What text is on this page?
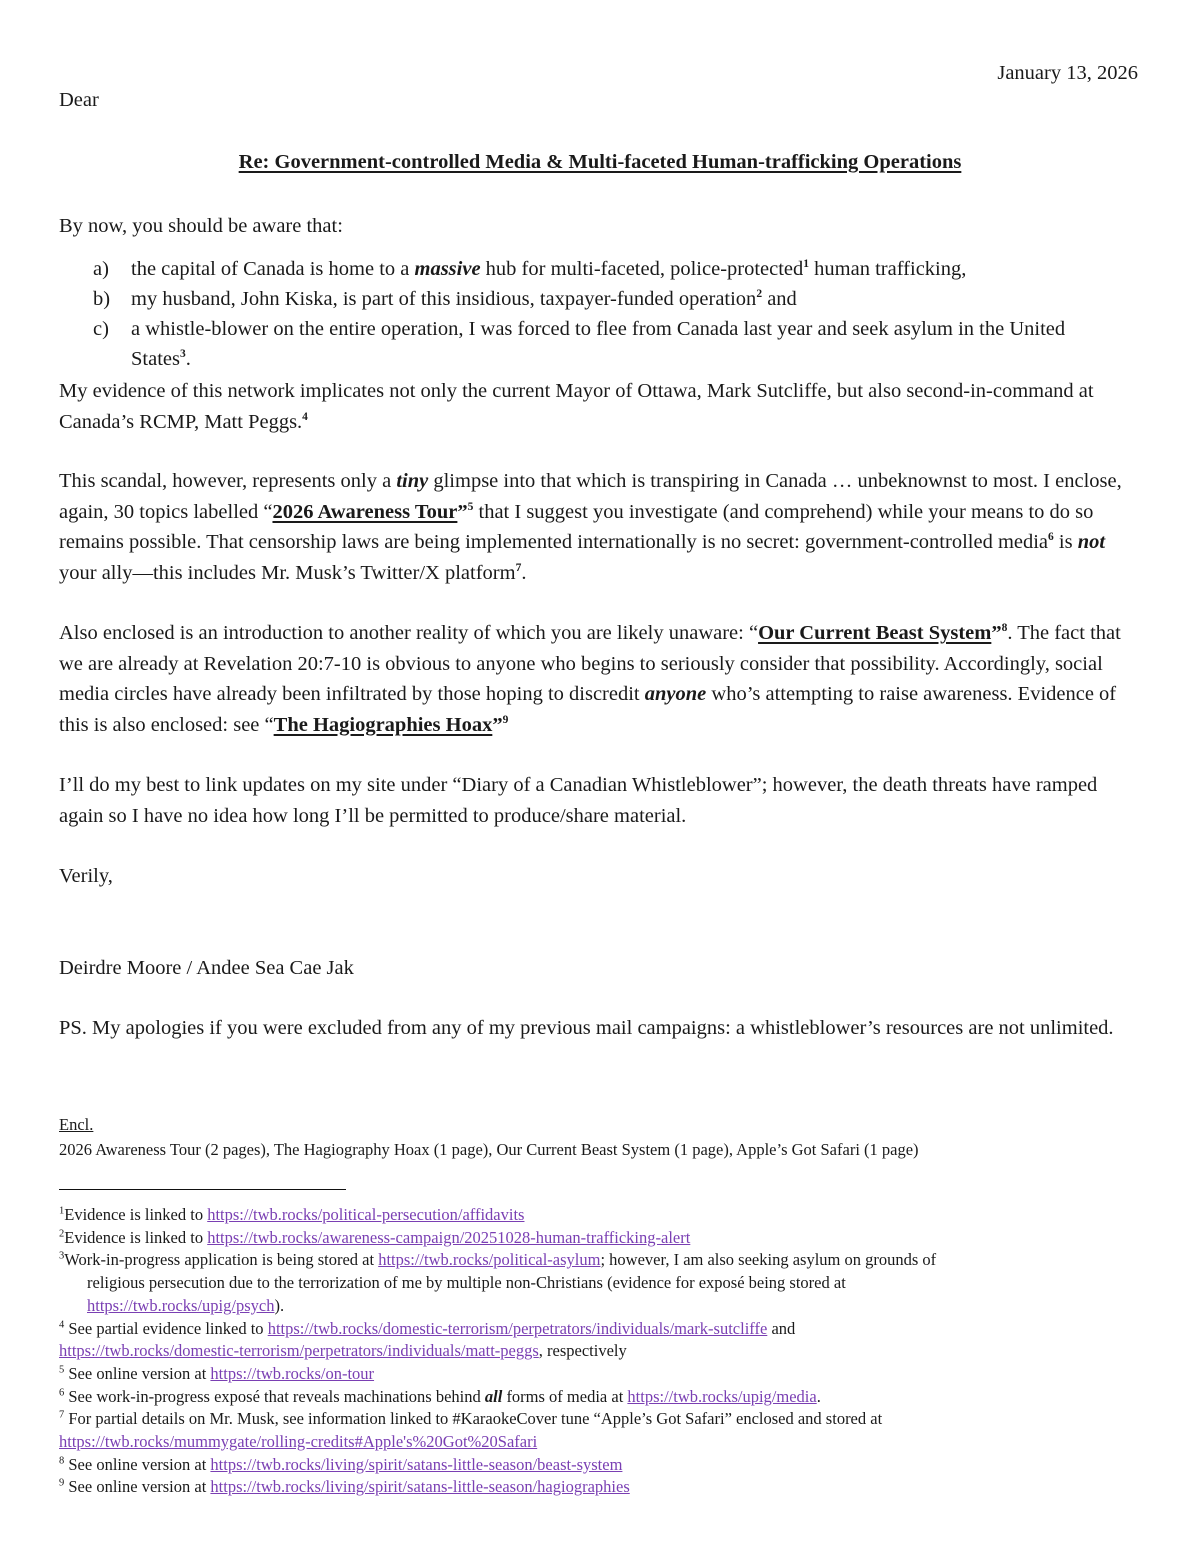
January 13, 2026
Dear
Re: Government-controlled Media & Multi-faceted Human-trafficking Operations
By now, you should be aware that:
a)	the capital of Canada is home to a massive hub for multi-faceted, police-protected$^1$ human trafficking,
b)	my husband, John Kiska, is part of this insidious, taxpayer-funded operation$^2$ and
c)	a whistle-blower on the entire operation, I was forced to flee from Canada last year and seek asylum in the United States$^3$.
My evidence of this network implicates not only the current Mayor of Ottawa, Mark Sutcliffe, but also second-in-command at Canada’s RCMP, Matt Peggs.$^4$
This scandal, however, represents only a tiny glimpse into that which is transpiring in Canada … unbeknownst to most. I enclose, again, 30 topics labelled “2026 Awareness Tour”$^5$ that I suggest you investigate (and comprehend) while your means to do so remains possible. That censorship laws are being implemented internationally is no secret: government-controlled media$^6$ is not your ally—this includes Mr. Musk’s Twitter/X platform$^7$.
Also enclosed is an introduction to another reality of which you are likely unaware: “Our Current Beast System”$^8$. The fact that we are already at Revelation 20:7-10 is obvious to anyone who begins to seriously consider that possibility. Accordingly, social media circles have already been infiltrated by those hoping to discredit anyone who’s attempting to raise awareness. Evidence of this is also enclosed: see “The Hagiographies Hoax”$^9$
I’ll do my best to link updates on my site under “Diary of a Canadian Whistleblower”; however, the death threats have ramped again so I have no idea how long I’ll be permitted to produce/share material.
Verily,
Deirdre Moore / Andee Sea Cae Jak
PS. My apologies if you were excluded from any of my previous mail campaigns: a whistleblower’s resources are not unlimited.
Encl.
2026 Awareness Tour (2 pages), The Hagiography Hoax (1 page), Our Current Beast System (1 page), Apple’s Got Safari (1 page)
$^1$Evidence is linked to https://twb.rocks/political-persecution/affidavits
$^2$Evidence is linked to https://twb.rocks/awareness-campaign/20251028-human-trafficking-alert
$^3$Work-in-progress application is being stored at https://twb.rocks/political-asylum; however, I am also seeking asylum on grounds of
religious persecution due to the terrorization of me by multiple non-Christians (evidence for exposé being stored at
https://twb.rocks/upig/psych).
$^4$ See partial evidence linked to https://twb.rocks/domestic-terrorism/perpetrators/individuals/mark-sutcliffe and
https://twb.rocks/domestic-terrorism/perpetrators/individuals/matt-peggs, respectively
$^5$ See online version at https://twb.rocks/on-tour
$^6$ See work-in-progress exposé that reveals machinations behind all forms of media at https://twb.rocks/upig/media.
$^7$ For partial details on Mr. Musk, see information linked to #KaraokeCover tune “Apple’s Got Safari” enclosed and stored at
https://twb.rocks/mummygate/rolling-credits#Apple's%20Got%20Safari
$^8$ See online version at https://twb.rocks/living/spirit/satans-little-season/beast-system
$^9$ See online version at https://twb.rocks/living/spirit/satans-little-season/hagiographies
